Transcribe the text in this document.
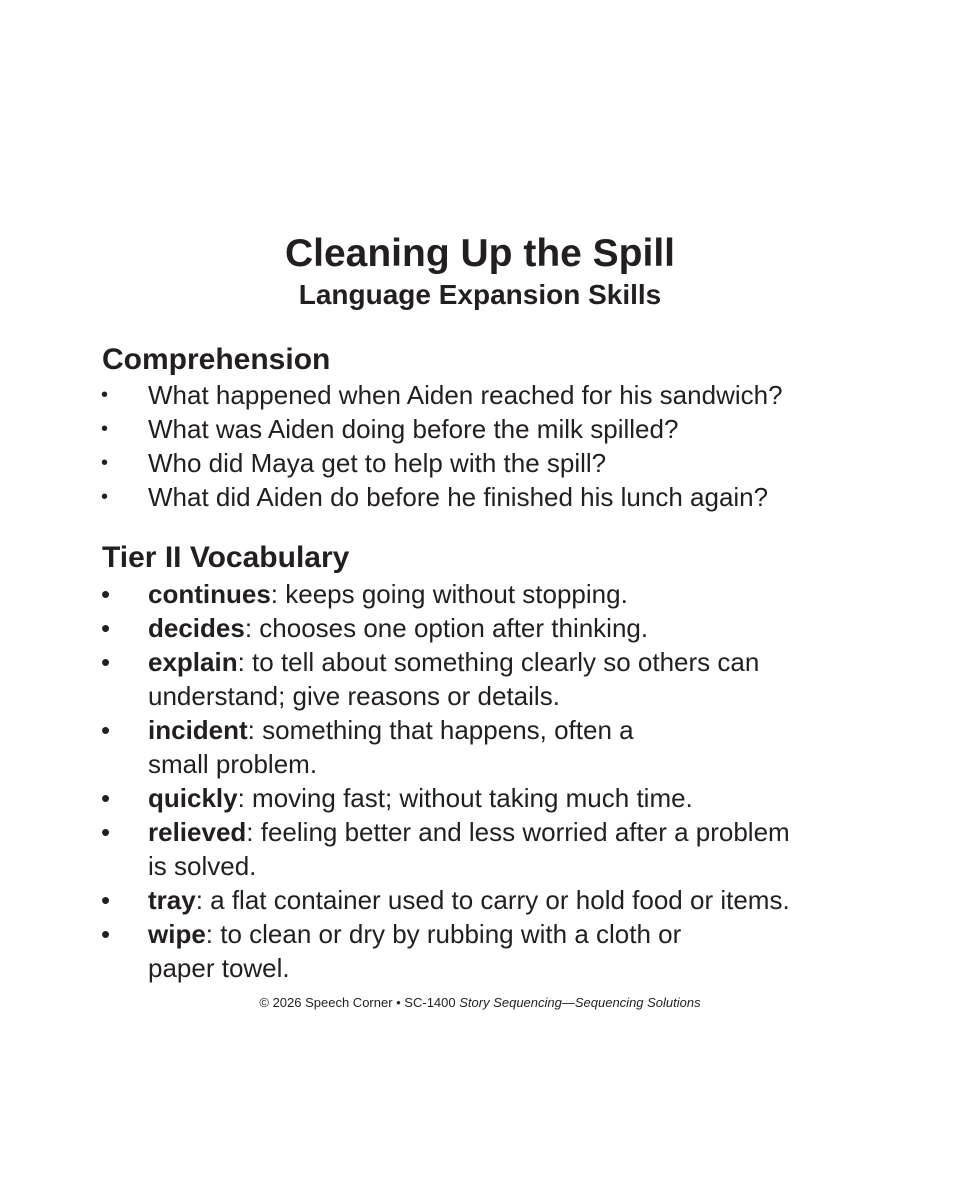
Cleaning Up the Spill
Language Expansion Skills
Comprehension
• What happened when Aiden reached for his sandwich?
• What was Aiden doing before the milk spilled?
• Who did Maya get to help with the spill?
• What did Aiden do before he finished his lunch again?
Tier II Vocabulary
• continues: keeps going without stopping.
• decides: chooses one option after thinking.
• explain: to tell about something clearly so others can
understand; give reasons or details.
• incident: something that happens, often a
small problem.
• quickly: moving fast; without taking much time.
• relieved: feeling better and less worried after a problem
is solved.
• tray: a flat container used to carry or hold food or items.
• wipe: to clean or dry by rubbing with a cloth or
paper towel.
© 2026 Speech Corner • SC-1400 Story Sequencing—Sequencing Solutions
